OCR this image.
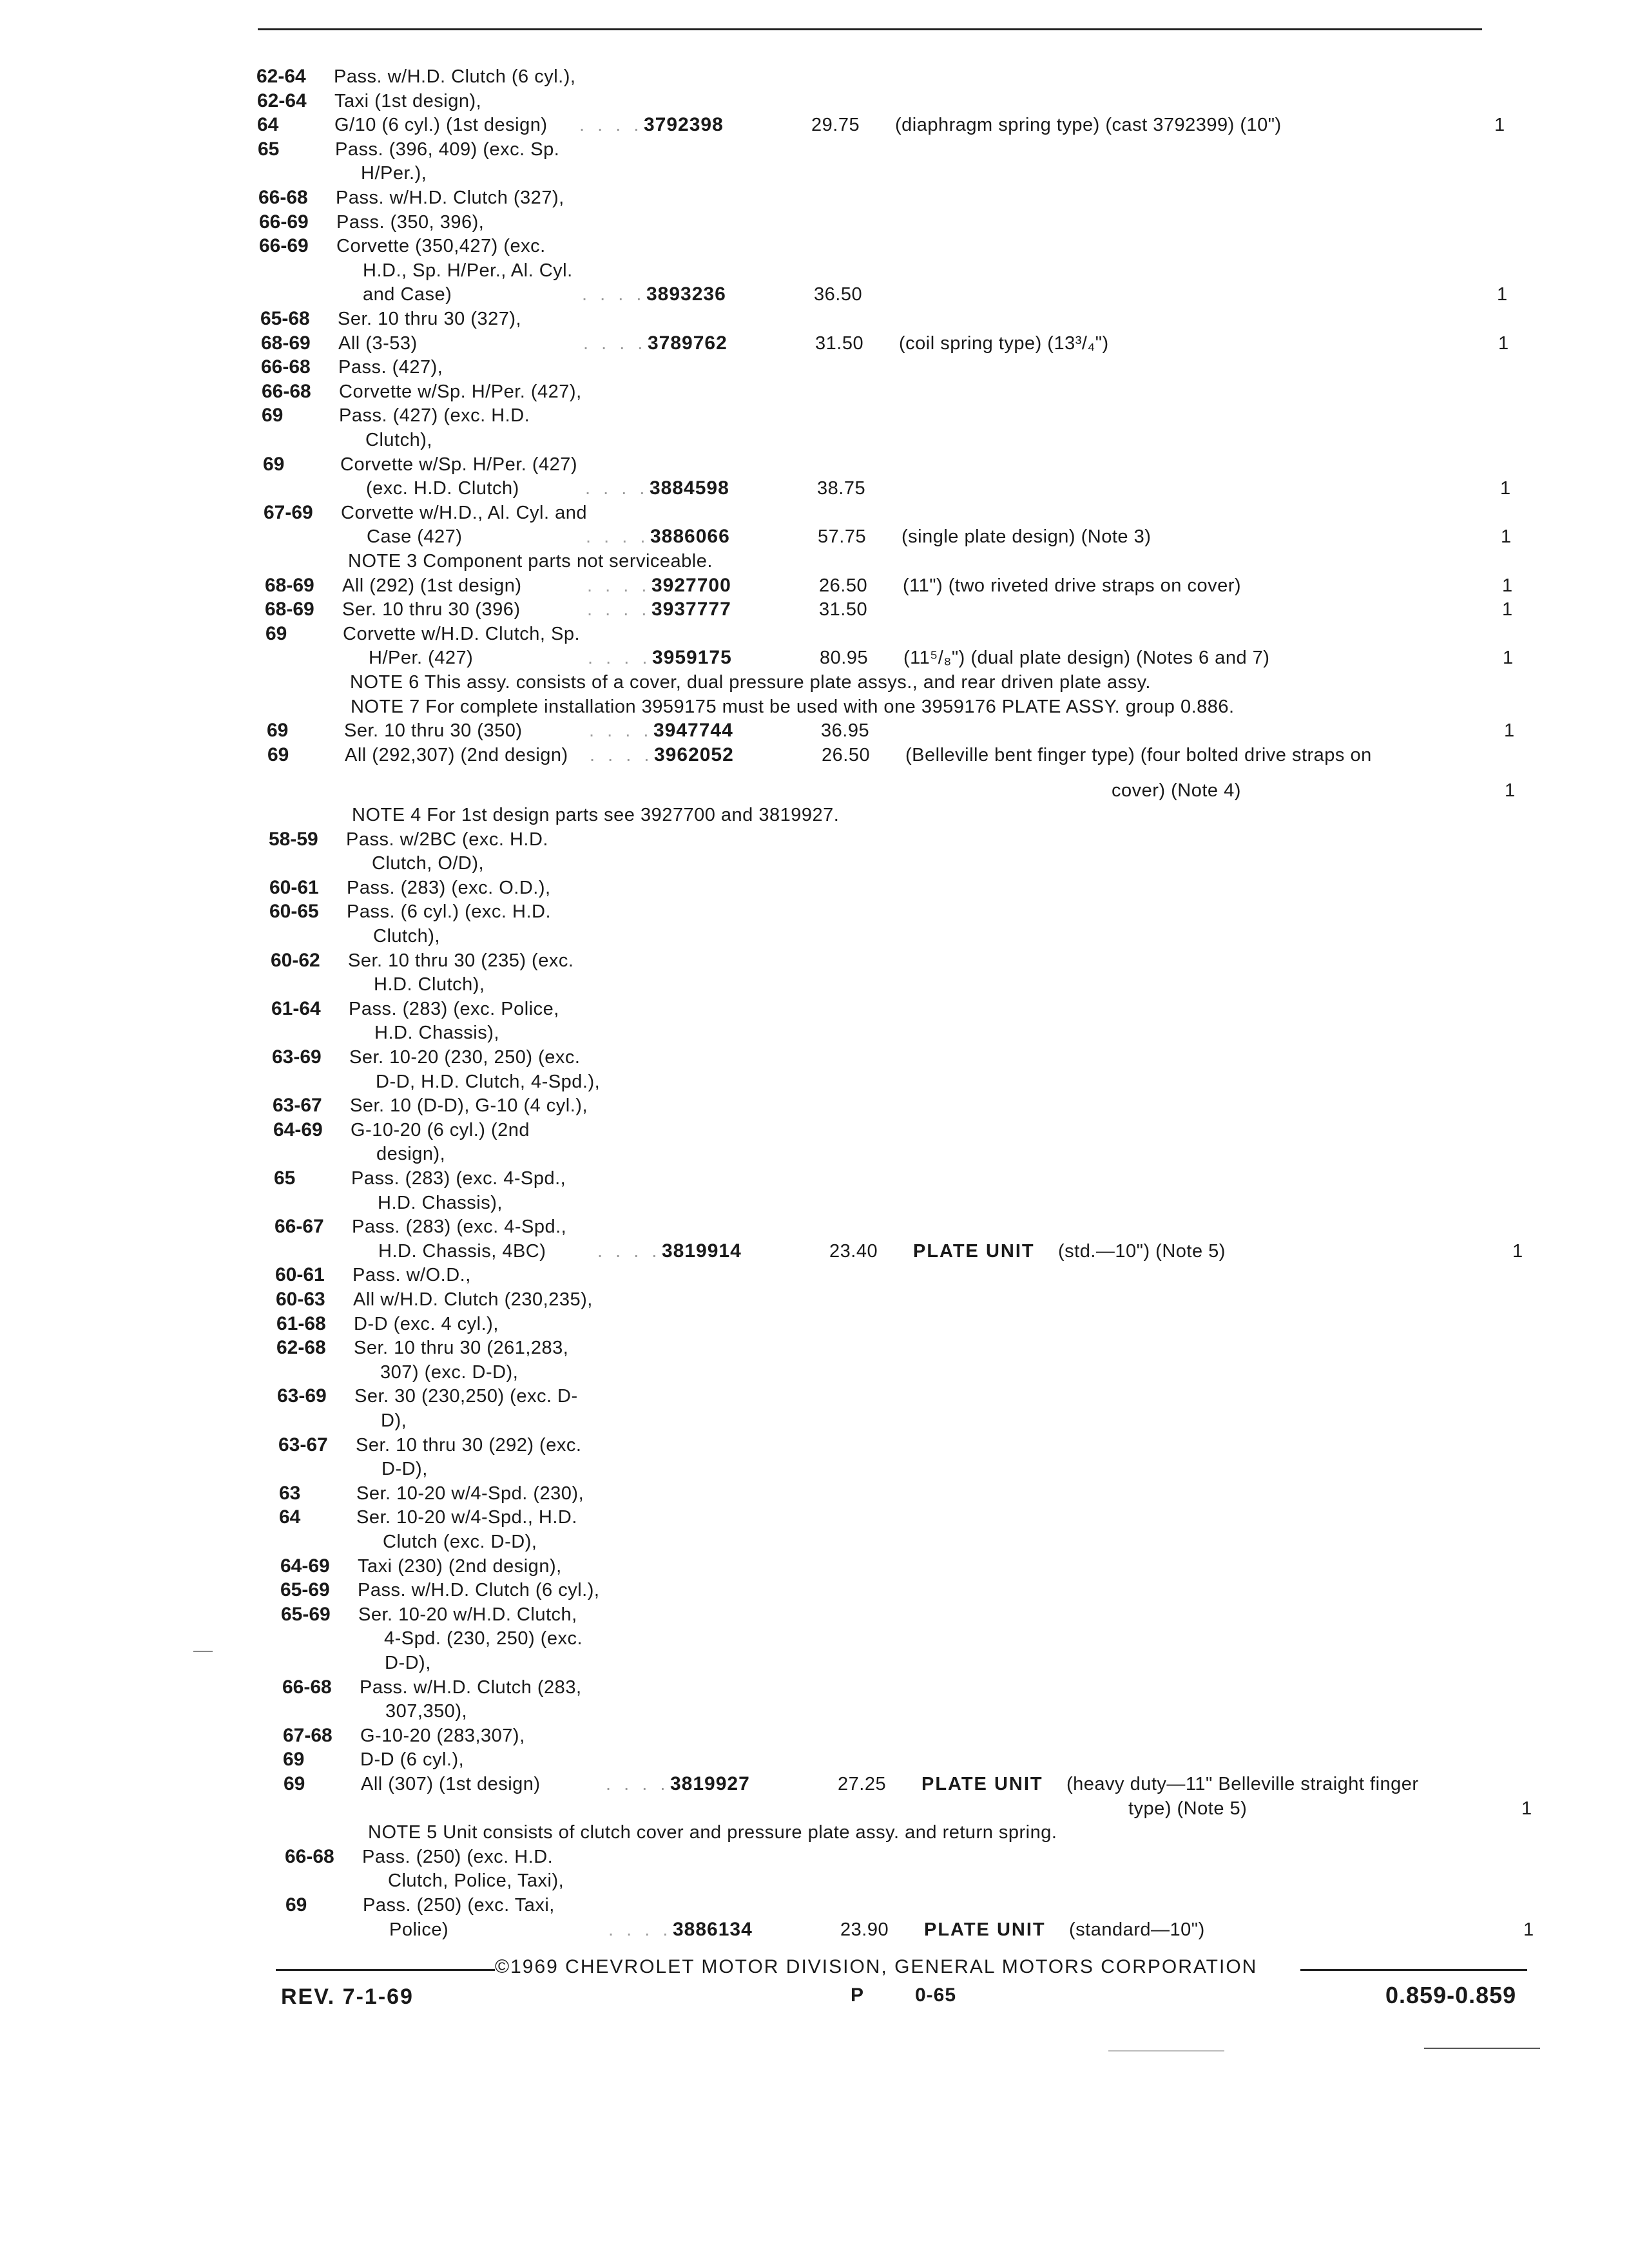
62-64	Pass. w/H.D. Clutch (6 cyl.),
62-64	Taxi (1st design),
64	G/10 (6 cyl.) (1st design) . . . . 3792398	29.75 (diaphragm spring type) (cast 3792399) (10")	1
65	Pass. (396, 409) (exc. Sp.
H/Per.),
66-68	Pass. w/H.D. Clutch (327),
66-69	Pass. (350, 396),
66-69	Corvette (350,427) (exc.
H.D., Sp. H/Per., Al. Cyl.
and Case)	. . . . 3893236	36.50	1
65-68	Ser. 10 thru 30 (327),
68-69	All (3-53)	. . . . 3789762	31.50 (coil spring type) (13³/₄")	1
66-68	Pass. (427),
66-68	Corvette w/Sp. H/Per. (427),
69	Pass. (427) (exc. H.D.
Clutch),
69	Corvette w/Sp. H/Per. (427)
(exc. H.D. Clutch)	. . . . 3884598	38.75	1
67-69	Corvette w/H.D., Al. Cyl. and
Case (427)	. . . . 3886066	57.75 (single plate design) (Note 3)	1
NOTE 3 Component parts not serviceable.
68-69	All (292) (1st design)	. . . . 3927700	26.50 (11") (two riveted drive straps on cover)	1
68-69	Ser. 10 thru 30 (396)	. . . . 3937777	31.50	1
69	Corvette w/H.D. Clutch, Sp.
H/Per. (427)	. . . . 3959175	80.95 (11⁵/₈") (dual plate design) (Notes 6 and 7)	1
NOTE 6 This assy. consists of a cover, dual pressure plate assys., and rear driven plate assy.
NOTE 7 For complete installation 3959175 must be used with one 3959176 PLATE ASSY. group 0.886.
69	Ser. 10 thru 30 (350)	. . . . 3947744	36.95	1
69	All (292,307) (2nd design) . . . . 3962052	26.50 (Belleville bent finger type) (four bolted drive straps on
cover) (Note 4)	1
NOTE 4 For 1st design parts see 3927700 and 3819927.
58-59	Pass. w/2BC (exc. H.D.
Clutch, O/D),
60-61	Pass. (283) (exc. O.D.),
60-65	Pass. (6 cyl.) (exc. H.D.
Clutch),
60-62	Ser. 10 thru 30 (235) (exc.
H.D. Clutch),
61-64	Pass. (283) (exc. Police,
H.D. Chassis),
63-69	Ser. 10-20 (230, 250) (exc.
D-D, H.D. Clutch, 4-Spd.),
63-67	Ser. 10 (D-D), G-10 (4 cyl.),
64-69	G-10-20 (6 cyl.) (2nd
design),
65	Pass. (283) (exc. 4-Spd.,
H.D. Chassis),
66-67	Pass. (283) (exc. 4-Spd.,
H.D. Chassis, 4BC)	. . . . 3819914	23.40 PLATE UNIT (std.—10") (Note 5)	1
60-61	Pass. w/O.D.,
60-63	All w/H.D. Clutch (230,235),
61-68	D-D (exc. 4 cyl.),
62-68	Ser. 10 thru 30 (261,283,
307) (exc. D-D),
63-69	Ser. 30 (230,250) (exc. D-
D),
63-67	Ser. 10 thru 30 (292) (exc.
D-D),
63	Ser. 10-20 w/4-Spd. (230),
64	Ser. 10-20 w/4-Spd., H.D.
Clutch (exc. D-D),
64-69	Taxi (230) (2nd design),
65-69	Pass. w/H.D. Clutch (6 cyl.),
65-69	Ser. 10-20 w/H.D. Clutch,
4-Spd. (230, 250) (exc.
D-D),
66-68	Pass. w/H.D. Clutch (283,
307,350),
67-68	G-10-20 (283,307),
69	D-D (6 cyl.),
69	All (307) (1st design)	. . . . 3819927	27.25 PLATE UNIT (heavy duty—11" Belleville straight finger
type) (Note 5)	1
NOTE 5 Unit consists of clutch cover and pressure plate assy. and return spring.
66-68	Pass. (250) (exc. H.D.
Clutch, Police, Taxi),
69	Pass. (250) (exc. Taxi,
Police)	. . . . 3886134	23.90 PLATE UNIT (standard—10")	1
©1969 CHEVROLET MOTOR DIVISION, GENERAL MOTORS CORPORATION
REV. 7-1-69	P	0-65	0.859-0.859
